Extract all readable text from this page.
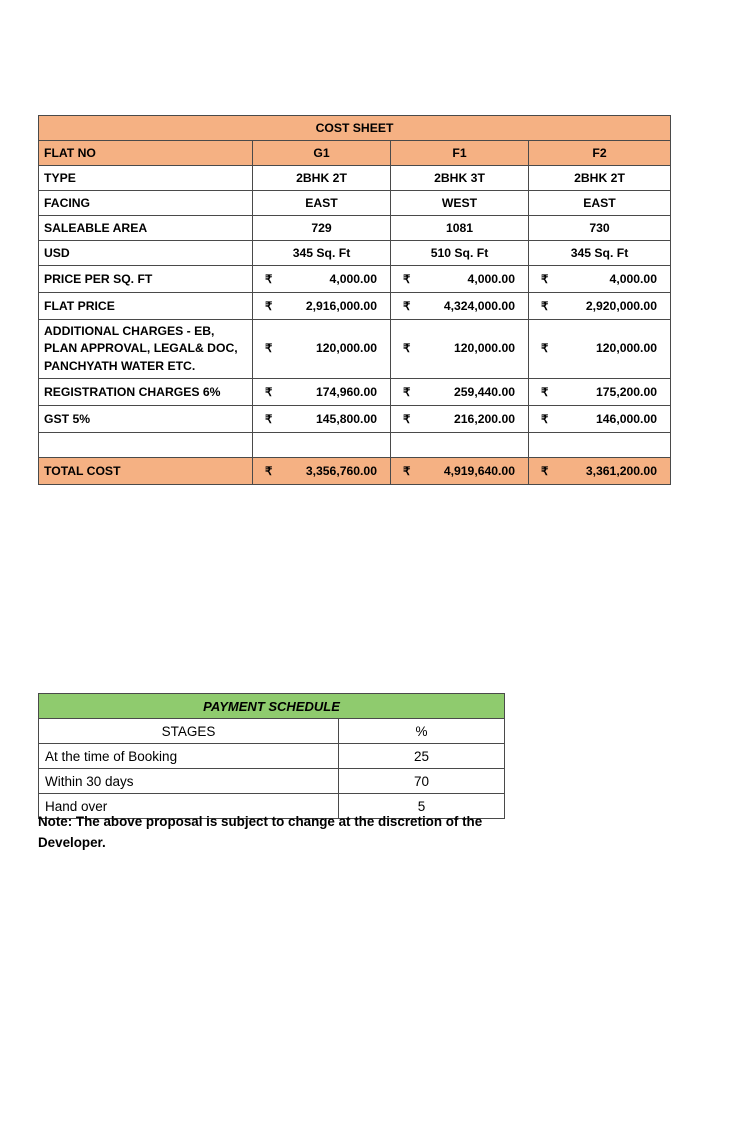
COST SHEET			
FLAT NO	G1	F1	F2
TYPE	2BHK 2T	2BHK 3T	2BHK 2T
FACING	EAST	WEST	EAST
SALEABLE AREA	729	1081	730
USD	345 Sq. Ft	510 Sq. Ft	345 Sq. Ft
PRICE PER SQ. FT	₹ 4,000.00	₹ 4,000.00	₹ 4,000.00

FLAT PRICE	₹ 2,916,000.00	₹ 4,324,000.00	₹ 2,920,000.00

ADDITIONAL CHARGES - EB, PLAN APPROVAL, LEGAL& DOC, PANCHYATH WATER ETC.	₹ 120,000.00	₹ 120,000.00	₹ 120,000.00

REGISTRATION CHARGES 6%	₹ 174,960.00	₹ 259,440.00	₹ 175,200.00

GST 5%	₹ 145,800.00	₹ 216,200.00	₹ 146,000.00

TOTAL COST	₹ 3,356,760.00	₹ 4,919,640.00	₹ 3,361,200.00
PAYMENT SCHEDULE	
STAGES	%
At the time of Booking	25
Within 30 days	70
Hand over	5
Note: The above proposal is subject to change at the discretion of the Developer.
